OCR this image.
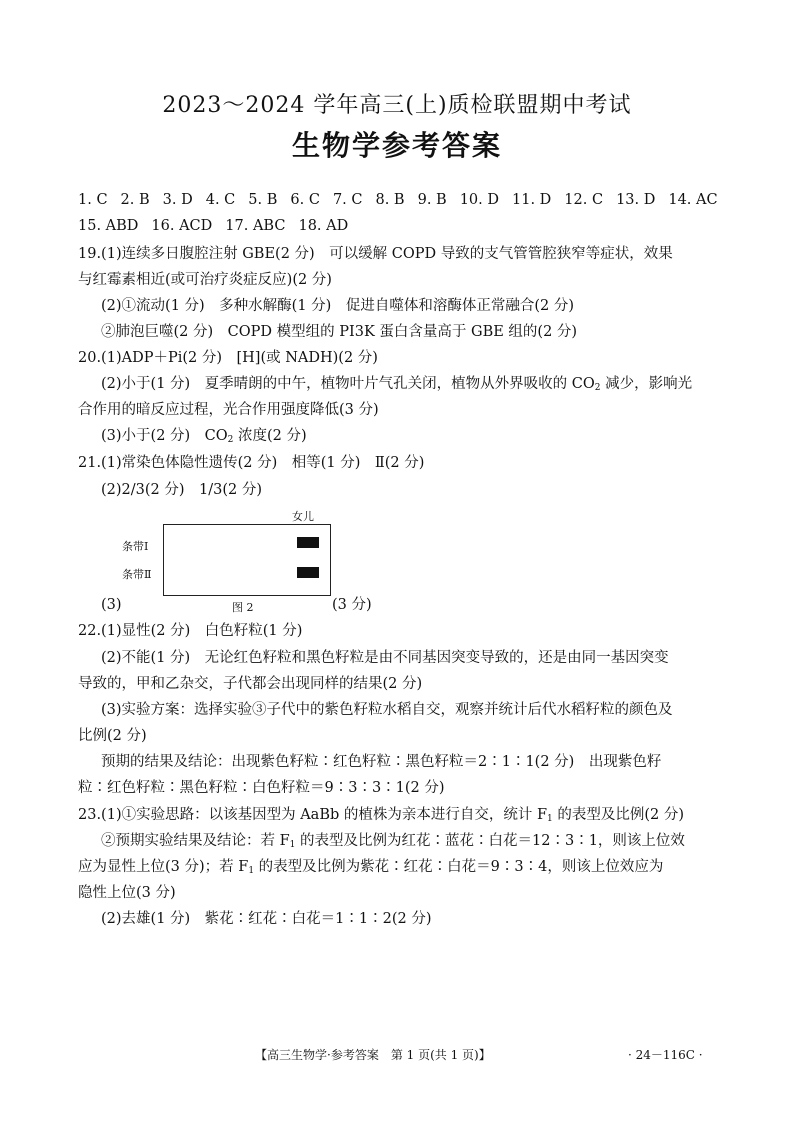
2023～2024 学年高三(上)质检联盟期中考试
生物学参考答案
1. C 2. B 3. D 4. C 5. B 6. C 7. C 8. B 9. B 10. D 11. D 12. C 13. D 14. AC
15. ABD 16. ACD 17. ABC 18. AD
19.(1)连续多日腹腔注射 GBE(2 分)　可以缓解 COPD 导致的支气管管腔狭窄等症状，效果
与红霉素相近(或可治疗炎症反应)(2 分)
(2)①流动(1 分)　多种水解酶(1 分)　促进自噬体和溶酶体正常融合(2 分)
②肺泡巨噬(2 分)　COPD 模型组的 PI3K 蛋白含量高于 GBE 组的(2 分)
20.(1)ADP＋Pi(2 分)　[H](或 NADH)(2 分)
(2)小于(1 分)　夏季晴朗的中午，植物叶片气孔关闭，植物从外界吸收的 $CO_2$ 减少，影响光
合作用的暗反应过程，光合作用强度降低(3 分)
(3)小于(2 分)　$CO_2$ 浓度(2 分)
21.(1)常染色体隐性遗传(2 分)　相等(1 分)　Ⅱ(2 分)
(2)2/3(2 分)　1/3(2 分)
女儿
条带Ⅰ
条带Ⅱ
(3)	图 2	(3 分)
22.(1)显性(2 分)　白色籽粒(1 分)
(2)不能(1 分)　无论红色籽粒和黑色籽粒是由不同基因突变导致的，还是由同一基因突变
导致的，甲和乙杂交，子代都会出现同样的结果(2 分)
(3)实验方案：选择实验③子代中的紫色籽粒水稻自交，观察并统计后代水稻籽粒的颜色及
比例(2 分)
预期的结果及结论：出现紫色籽粒∶红色籽粒∶黑色籽粒＝2∶1∶1(2 分)　出现紫色籽
粒∶红色籽粒∶黑色籽粒∶白色籽粒＝9∶3∶3∶1(2 分)
23.(1)①实验思路：以该基因型为 AaBb 的植株为亲本进行自交，统计 $F_1$ 的表型及比例(2 分)
②预期实验结果及结论：若 $F_1$ 的表型及比例为红花∶蓝花∶白花＝12∶3∶1，则该上位效
应为显性上位(3 分)；若 $F_1$ 的表型及比例为紫花∶红花∶白花＝9∶3∶4，则该上位效应为
隐性上位(3 分)
(2)去雄(1 分)　紫花∶红花∶白花＝1∶1∶2(2 分)
【高三生物学·参考答案　第 1 页(共 1 页)】	· 24－116C ·
